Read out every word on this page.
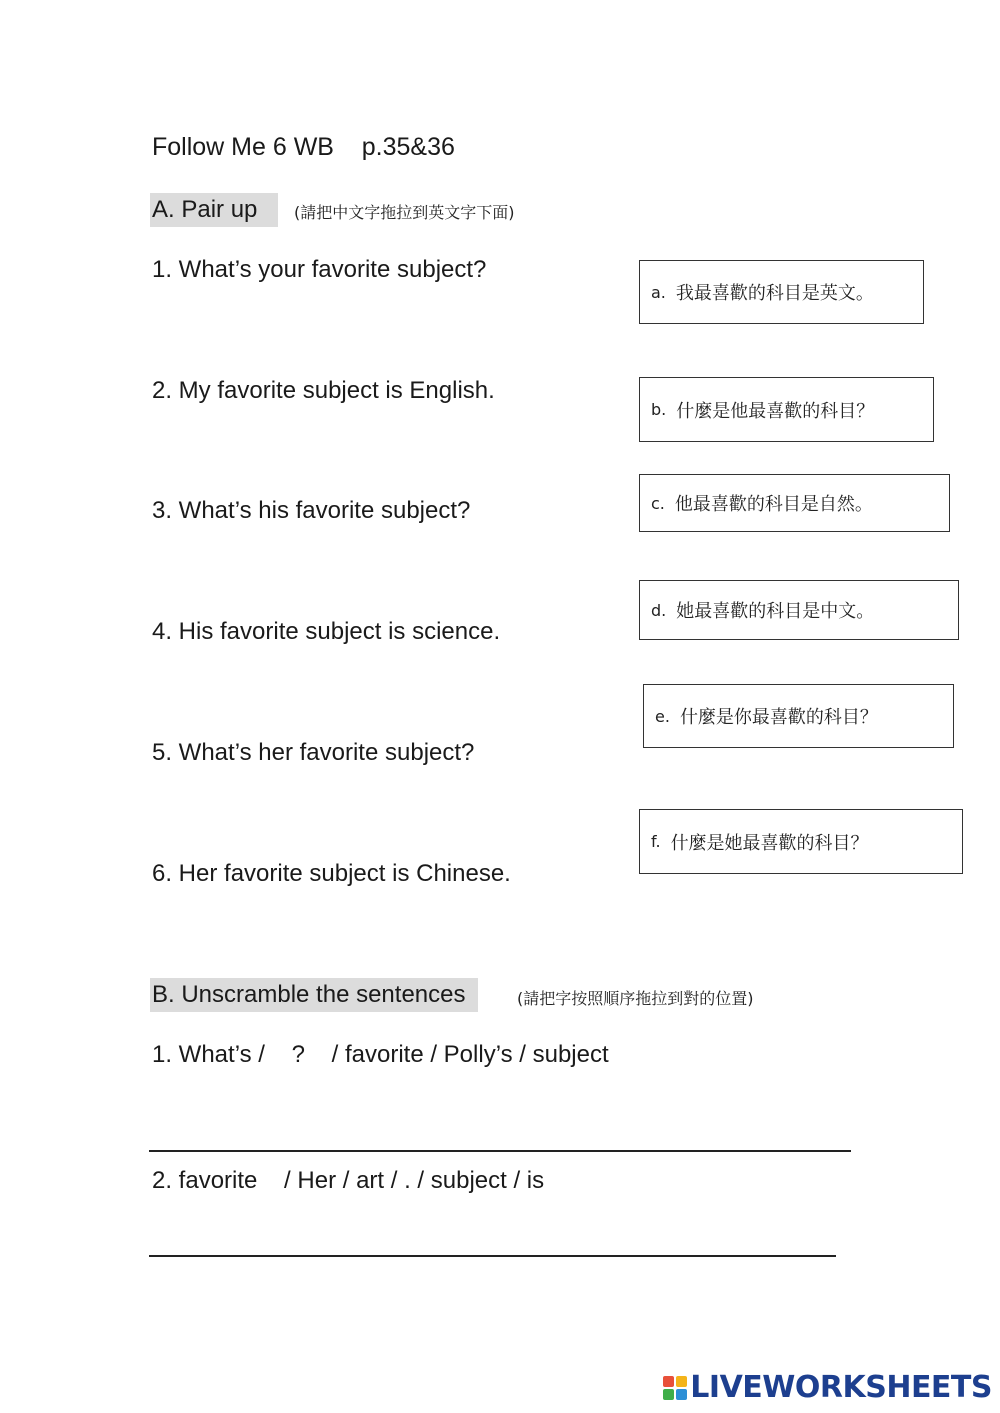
Follow Me 6 WB    p.35&36
A. Pair up	(請把中文字拖拉到英文字下面)
1. What’s your favorite subject?
2. My favorite subject is English.
3. What’s his favorite subject?
4. His favorite subject is science.
5. What’s her favorite subject?
6. Her favorite subject is Chinese.
a. 我最喜歡的科目是英文。
b. 什麼是他最喜歡的科目？
c. 他最喜歡的科目是自然。
d. 她最喜歡的科目是中文。
e. 什麼是你最喜歡的科目？
f. 什麼是她最喜歡的科目？
B. Unscramble the sentences	(請把字按照順序拖拉到對的位置)
1. What’s /    ?    / favorite / Polly’s / subject
2. favorite    / Her / art / . / subject / is
LIVEWORKSHEETS
